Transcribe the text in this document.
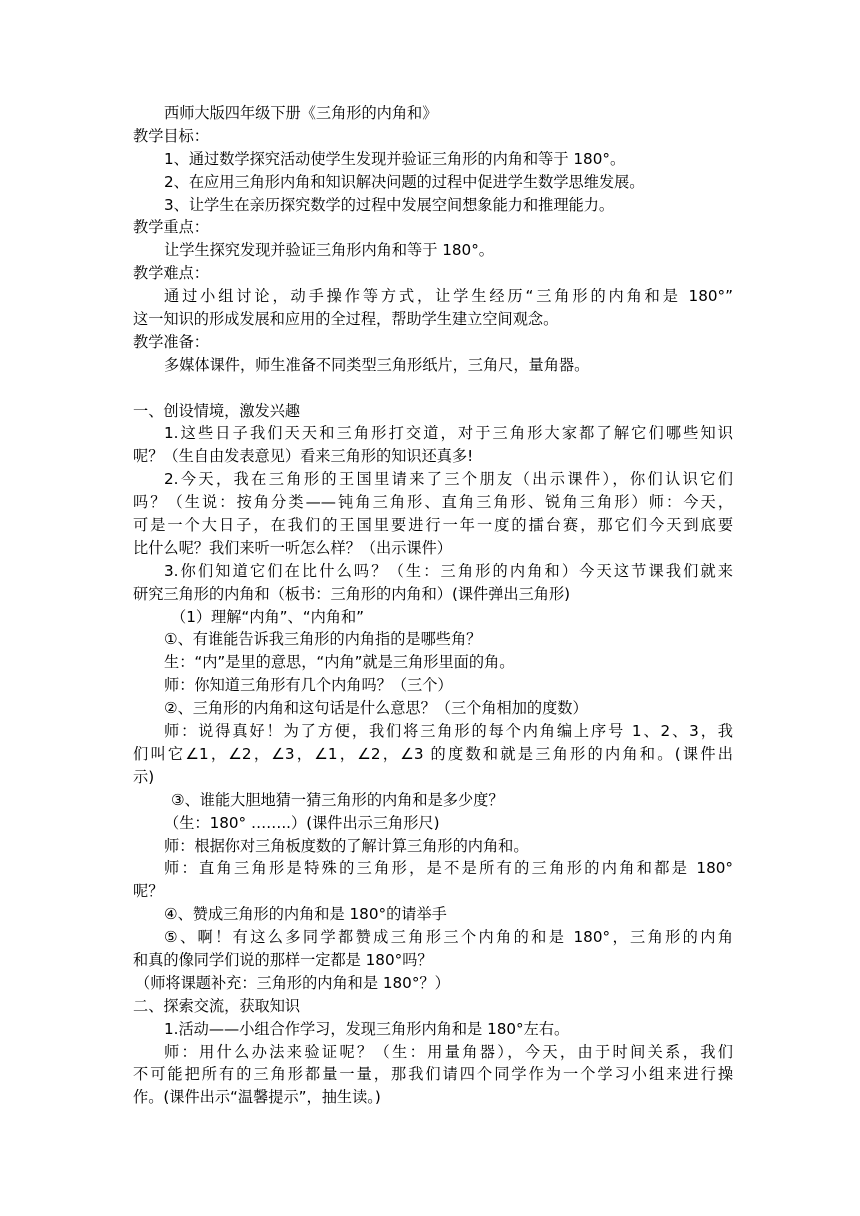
西师大版四年级下册《三角形的内角和》
教学目标：
1、通过数学探究活动使学生发现并验证三角形的内角和等于 180°。
2、在应用三角形内角和知识解决问题的过程中促进学生数学思维发展。
3、让学生在亲历探究数学的过程中发展空间想象能力和推理能力。
教学重点：
让学生探究发现并验证三角形内角和等于 180°。
教学难点：
通过小组讨论，动手操作等方式，让学生经历“三角形的内角和是 180°”
这一知识的形成发展和应用的全过程，帮助学生建立空间观念。
教学准备：
多媒体课件，师生准备不同类型三角形纸片，三角尺，量角器。
一、创设情境，激发兴趣
1.这些日子我们天天和三角形打交道，对于三角形大家都了解它们哪些知识
呢？（生自由发表意见）看来三角形的知识还真多!
2.今天，我在三角形的王国里请来了三个朋友（出示课件），你们认识它们
吗？（生说：按角分类——钝角三角形、直角三角形、锐角三角形）师：今天，
可是一个大日子，在我们的王国里要进行一年一度的擂台赛，那它们今天到底要
比什么呢？我们来听一听怎么样？（出示课件）
3.你们知道它们在比什么吗？（生：三角形的内角和）今天这节课我们就来
研究三角形的内角和（板书：三角形的内角和）(课件弹出三角形)
（1）理解“内角”、“内角和”
①、有谁能告诉我三角形的内角指的是哪些角？
生：“内”是里的意思，“内角”就是三角形里面的角。
师：你知道三角形有几个内角吗？（三个）
②、三角形的内角和这句话是什么意思？（三个角相加的度数）
师：说得真好！为了方便，我们将三角形的每个内角编上序号 1、2、3，我
们叫它∠1，∠2，∠3，∠1，∠2，∠3 的度数和就是三角形的内角和。(课件出
示)
③、谁能大胆地猜一猜三角形的内角和是多少度？
（生：180° ……..）(课件出示三角形尺)
师：根据你对三角板度数的了解计算三角形的内角和。
师：直角三角形是特殊的三角形，是不是所有的三角形的内角和都是 180°
呢？
④、赞成三角形的内角和是 180°的请举手
⑤、啊！有这么多同学都赞成三角形三个内角的和是 180°，三角形的内角
和真的像同学们说的那样一定都是 180°吗？
（师将课题补充：三角形的内角和是 180°？）
二、探索交流，获取知识
1.活动——小组合作学习，发现三角形内角和是 180°左右。
师：用什么办法来验证呢？（生：用量角器），今天，由于时间关系，我们
不可能把所有的三角形都量一量，那我们请四个同学作为一个学习小组来进行操
作。(课件出示“温馨提示”，抽生读。)
